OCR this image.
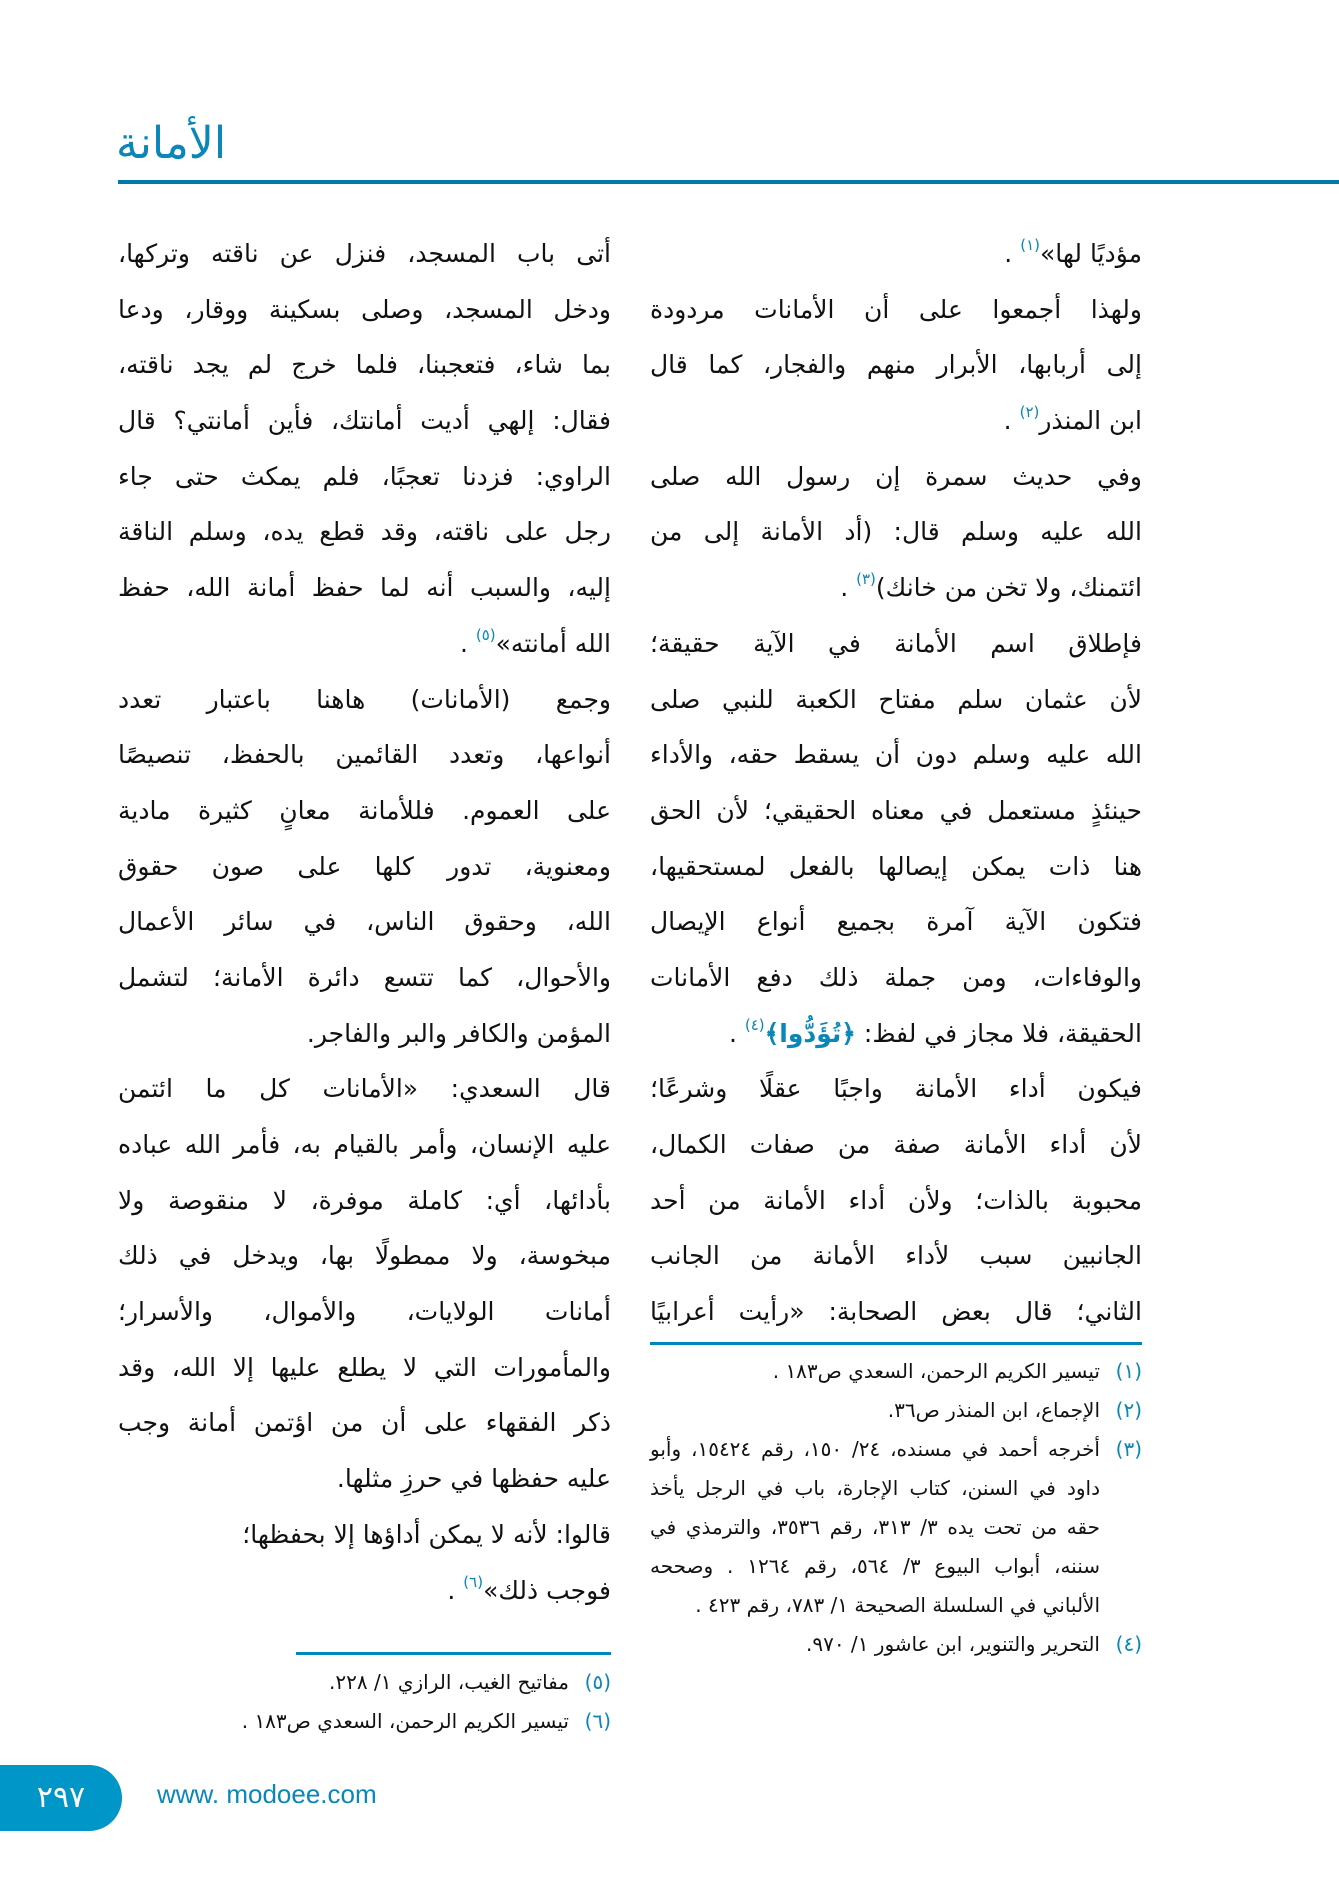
الأمانة
مؤديًا لها»$^{(١)}$ .
ولهذا أجمعوا على أن الأمانات مردودة
إلى أربابها، الأبرار منهم والفجار، كما قال
ابن المنذر$^{(٢)}$ .
وفي حديث سمرة إن رسول الله صلى
الله عليه وسلم قال: (أد الأمانة إلى من
ائتمنك، ولا تخن من خانك)$^{(٣)}$ .
فإطلاق اسم الأمانة في الآية حقيقة؛
لأن عثمان سلم مفتاح الكعبة للنبي صلى
الله عليه وسلم دون أن يسقط حقه، والأداء
حينئذٍ مستعمل في معناه الحقيقي؛ لأن الحق
هنا ذات يمكن إيصالها بالفعل لمستحقيها،
فتكون الآية آمرة بجميع أنواع الإيصال
والوفاءات، ومن جملة ذلك دفع الأمانات
الحقيقة، فلا مجاز في لفظ: ﴿تُؤَدُّوا﴾$^{(٤)}$ .
فيكون أداء الأمانة واجبًا عقلًا وشرعًا؛
لأن أداء الأمانة صفة من صفات الكمال،
محبوبة بالذات؛ ولأن أداء الأمانة من أحد
الجانبين سبب لأداء الأمانة من الجانب
الثاني؛ قال بعض الصحابة: «رأيت أعرابيًا
أتى باب المسجد، فنزل عن ناقته وتركها،
ودخل المسجد، وصلى بسكينة ووقار، ودعا
بما شاء، فتعجبنا، فلما خرج لم يجد ناقته،
فقال: إلهي أديت أمانتك، فأين أمانتي؟ قال
الراوي: فزدنا تعجبًا، فلم يمكث حتى جاء
رجل على ناقته، وقد قطع يده، وسلم الناقة
إليه، والسبب أنه لما حفظ أمانة الله، حفظ
الله أمانته»$^{(٥)}$ .
وجمع (الأمانات) هاهنا باعتبار تعدد
أنواعها، وتعدد القائمين بالحفظ، تنصيصًا
على العموم. فللأمانة معانٍ كثيرة مادية
ومعنوية، تدور كلها على صون حقوق
الله، وحقوق الناس، في سائر الأعمال
والأحوال، كما تتسع دائرة الأمانة؛ لتشمل
المؤمن والكافر والبر والفاجر.
قال السعدي: «الأمانات كل ما ائتمن
عليه الإنسان، وأمر بالقيام به، فأمر الله عباده
بأدائها، أي: كاملة موفرة، لا منقوصة ولا
مبخوسة، ولا ممطولًا بها، ويدخل في ذلك
أمانات الولايات، والأموال، والأسرار؛
والمأمورات التي لا يطلع عليها إلا الله، وقد
ذكر الفقهاء على أن من اؤتمن أمانة وجب
عليه حفظها في حرزِ مثلها.
قالوا: لأنه لا يمكن أداؤها إلا بحفظها؛
فوجب ذلك»$^{(٦)}$ .
(١)
تيسير الكريم الرحمن، السعدي ص١٨٣ .
(٢)
الإجماع، ابن المنذر ص٣٦.
(٣)
أخرجه أحمد في مسنده، ٢٤/ ١٥٠، رقم ١٥٤٢٤، وأبو داود في السنن، كتاب الإجارة، باب في الرجل يأخذ حقه من تحت يده ٣/ ٣١٣، رقم ٣٥٣٦، والترمذي في سننه، أبواب البيوع ٣/ ٥٦٤، رقم ١٢٦٤ . وصححه الألباني في السلسلة الصحيحة ١/ ٧٨٣، رقم ٤٢٣ .
(٤)
التحرير والتنوير، ابن عاشور ١/ ٩٧٠.
(٥)
مفاتيح الغيب، الرازي ١/ ٢٢٨.
(٦)
تيسير الكريم الرحمن، السعدي ص١٨٣ .
٢٩٧	www. modoee.com
